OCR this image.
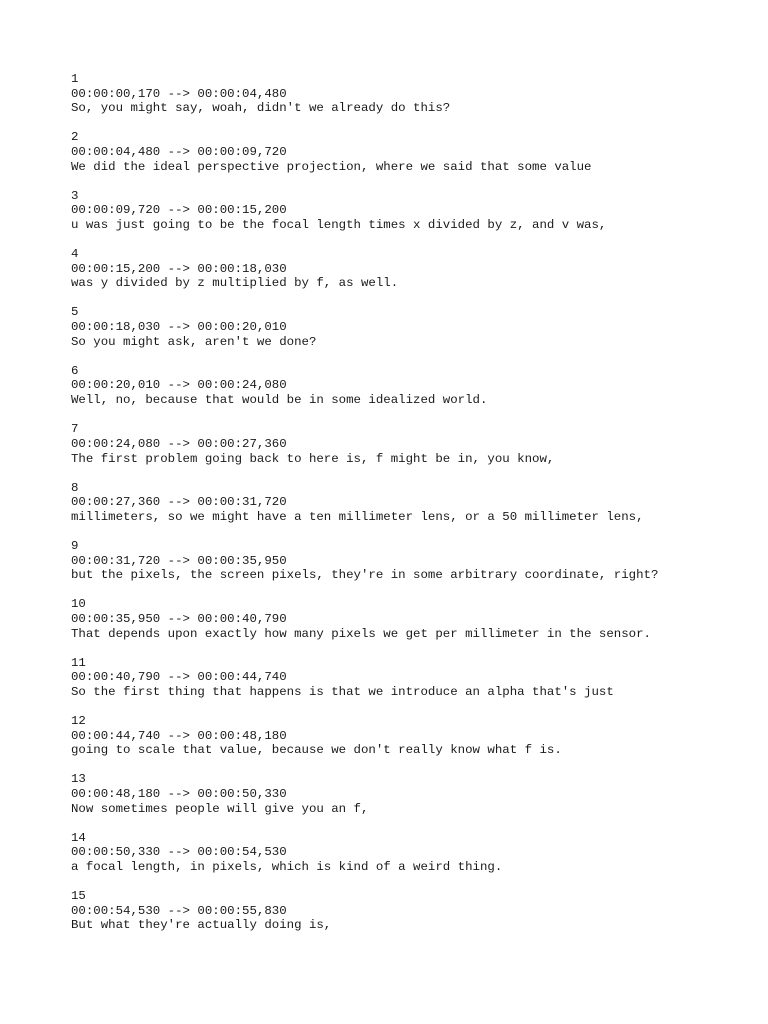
1
00:00:00,170 --> 00:00:04,480
So, you might say, woah, didn't we already do this?
2
00:00:04,480 --> 00:00:09,720
We did the ideal perspective projection, where we said that some value
3
00:00:09,720 --> 00:00:15,200
u was just going to be the focal length times x divided by z, and v was,
4
00:00:15,200 --> 00:00:18,030
was y divided by z multiplied by f, as well.
5
00:00:18,030 --> 00:00:20,010
So you might ask, aren't we done?
6
00:00:20,010 --> 00:00:24,080
Well, no, because that would be in some idealized world.
7
00:00:24,080 --> 00:00:27,360
The first problem going back to here is, f might be in, you know,
8
00:00:27,360 --> 00:00:31,720
millimeters, so we might have a ten millimeter lens, or a 50 millimeter lens,
9
00:00:31,720 --> 00:00:35,950
but the pixels, the screen pixels, they're in some arbitrary coordinate, right?
10
00:00:35,950 --> 00:00:40,790
That depends upon exactly how many pixels we get per millimeter in the sensor.
11
00:00:40,790 --> 00:00:44,740
So the first thing that happens is that we introduce an alpha that's just
12
00:00:44,740 --> 00:00:48,180
going to scale that value, because we don't really know what f is.
13
00:00:48,180 --> 00:00:50,330
Now sometimes people will give you an f,
14
00:00:50,330 --> 00:00:54,530
a focal length, in pixels, which is kind of a weird thing.
15
00:00:54,530 --> 00:00:55,830
But what they're actually doing is,
